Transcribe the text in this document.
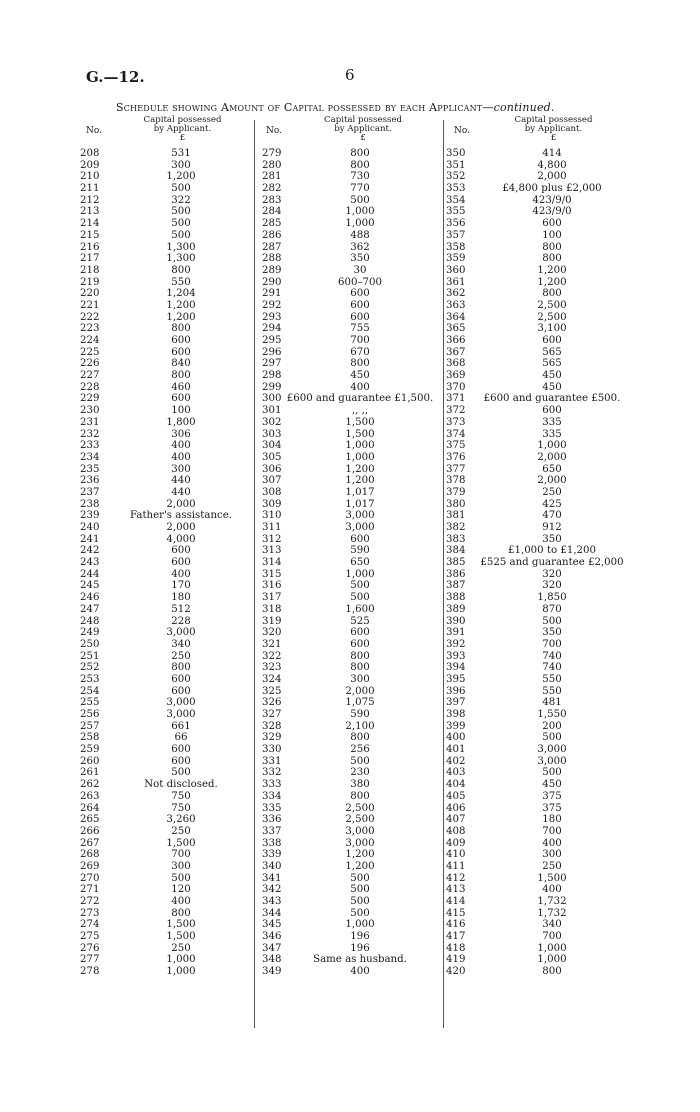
G.—12.	6
Schedule showing Amount of Capital possessed by each Applicant—continued.
No.
Capital possessed
by Applicant.
£
208	531
209	300
210	1,200
211	500
212	322
213	500
214	500
215	500
216	1,300
217	1,300
218	800
219	550
220	1,204
221	1,200
222	1,200
223	800
224	600
225	600
226	840
227	800
228	460
229	600
230	100
231	1,800
232	306
233	400
234	400
235	300
236	440
237	440
238	2,000
239	Father's assistance.
240	2,000
241	4,000
242	600
243	600
244	400
245	170
246	180
247	512
248	228
249	3,000
250	340
251	250
252	800
253	600
254	600
255	3,000
256	3,000
257	661
258	66
259	600
260	600
261	500
262	Not disclosed.
263	750
264	750
265	3,260
266	250
267	1,500
268	700
269	300
270	500
271	120
272	400
273	800
274	1,500
275	1,500
276	250
277	1,000
278	1,000
No.
Capital possessed
by Applicant.
£
279	800
280	800
281	730
282	770
283	500
284	1,000
285	1,000
286	488
287	362
288	350
289	30
290	600–700
291	600
292	600
293	600
294	755
295	700
296	670
297	800
298	450
299	400
300 £600 and guarantee £1,500.
301	,, ,,
302	1,500
303	1,500
304	1,000
305	1,000
306	1,200
307	1,200
308	1,017
309	1,017
310	3,000
311	3,000
312	600
313	590
314	650
315	1,000
316	500
317	500
318	1,600
319	525
320	600
321	600
322	800
323	800
324	300
325	2,000
326	1,075
327	590
328	2,100
329	800
330	256
331	500
332	230
333	380
334	800
335	2,500
336	2,500
337	3,000
338	3,000
339	1,200
340	1,200
341	500
342	500
343	500
344	500
345	1,000
346	196
347	196
348	Same as husband.
349	400
No.
Capital possessed
by Applicant.
£
350	414
351	4,800
352	2,000
353	£4,800 plus £2,000
354	423/9/0
355	423/9/0
356	600
357	100
358	800
359	800
360	1,200
361	1,200
362	800
363	2,500
364	2,500
365	3,100
366	600
367	565
368	565
369	450
370	450
371	£600 and guarantee £500.
372	600
373	335
374	335
375	1,000
376	2,000
377	650
378	2,000
379	250
380	425
381	470
382	912
383	350
384	£1,000 to £1,200
385	£525 and guarantee £2,000
386	320
387	320
388	1,850
389	870
390	500
391	350
392	700
393	740
394	740
395	550
396	550
397	481
398	1,550
399	200
400	500
401	3,000
402	3,000
403	500
404	450
405	375
406	375
407	180
408	700
409	400
410	300
411	250
412	1,500
413	400
414	1,732
415	1,732
416	340
417	700
418	1,000
419	1,000
420	800
